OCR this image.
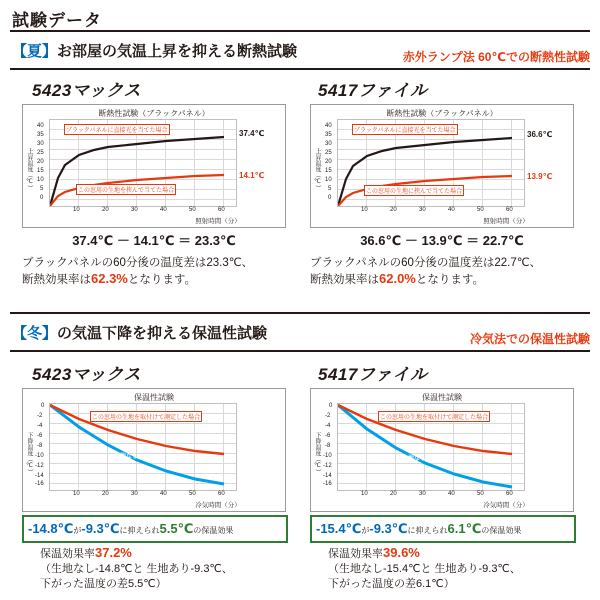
試験データ
【夏】お部屋の気温上昇を抑える断熱試験	赤外ランプ法 60℃での断熱性試験
5423マックス
断熱性試験（ブラックパネル）
上昇温度（℃）
40
35
30
25
20
15
10
5
0
ブラックパネルに直接光を当てた場合
この窓用の生地を挟んで当てた場合
10	20	30	40	50	60
照射時間（分）
37.4℃
14.1℃
37.4℃ － 14.1℃ ＝ 23.3℃
ブラックパネルの60分後の温度差は23.3℃、
断熱効果率は62.3%となります。
5417ファイル
断熱性試験（ブラックパネル）
上昇温度（℃）
40
35
30
25
20
15
10
5
0
ブラックパネルに直接光を当てた場合
この窓用の生地に挟んで当てた場合
10	20	30	40	50	60
照射時間（分）
36.6℃
13.9℃
36.6℃ － 13.9℃ ＝ 22.7℃
ブラックパネルの60分後の温度差は22.7℃、
断熱効果率は62.0%となります。
【冬】の気温下降を抑える保温性試験	冷気法での保温性試験
5423マックス
保温性試験
下降温度（℃）
0
-2
-4
-6
-8
-10
-12
-14
-16
この窓用の生地を取付けて測定した場合
生地なし
10	20	30	40	50	60
冷気時間（分）
-14.8℃が-9.3℃に抑えられ5.5℃の保温効果
保温効果率37.2%
（生地なし-14.8℃と 生地あり-9.3℃、
下がった温度の差5.5℃）
5417ファイル
保温性試験
下降温度（℃）
0
-2
-4
-6
-8
-10
-12
-14
-16
この窓用の生地を取付けて測定した場合
生地なし
10	20	30	40	50	60
冷気時間（分）
-15.4℃が-9.3℃に抑えられ6.1℃の保温効果
保温効果率39.6%
（生地なし-15.4℃と 生地あり-9.3℃、
下がった温度の差6.1℃）
